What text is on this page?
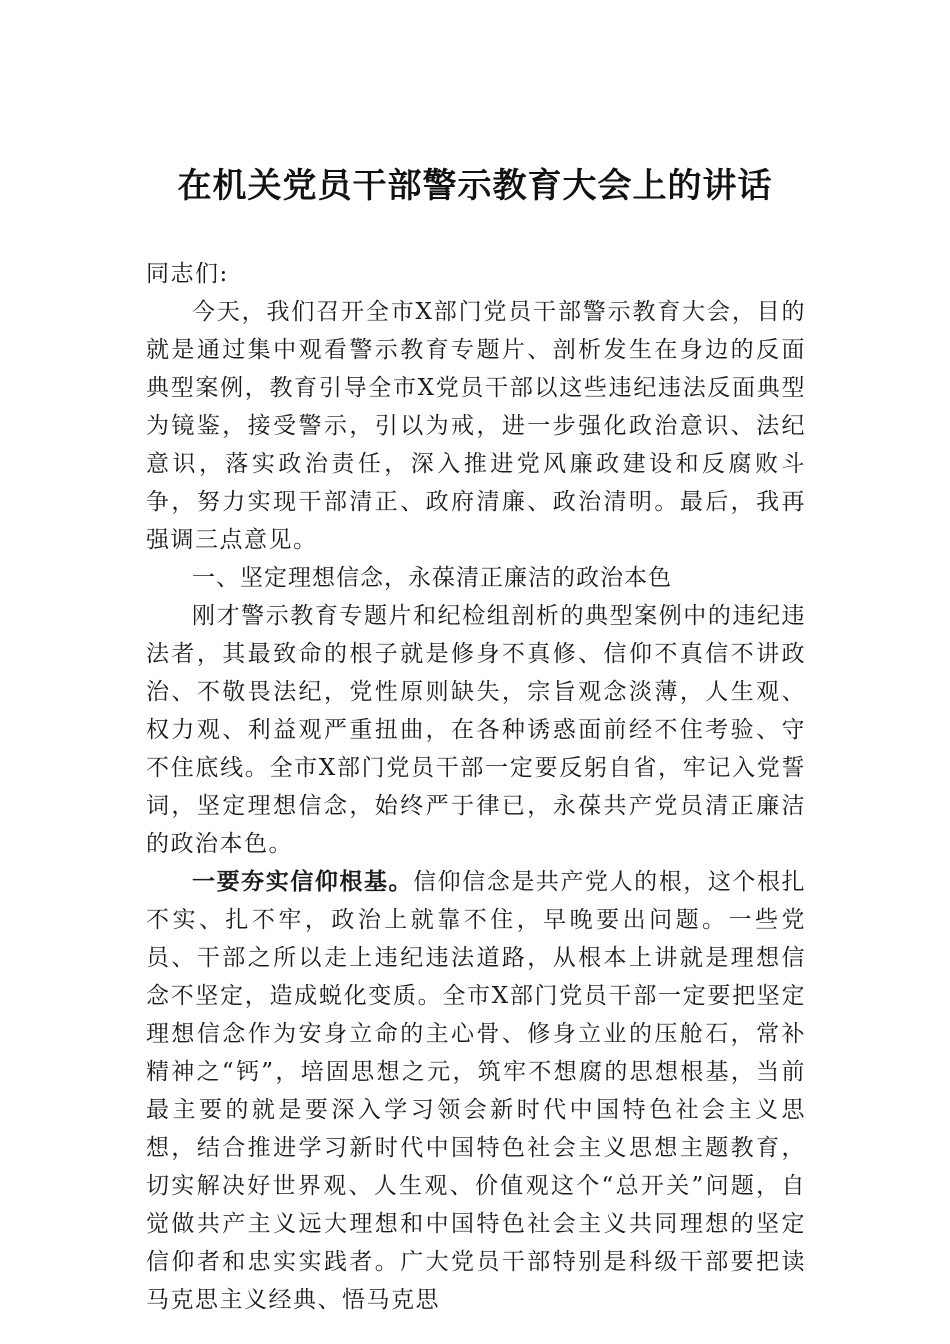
在机关党员干部警示教育大会上的讲话

同志们:

今天，我们召开全市X部门党员干部警示教育大会，目的就是通过集中观看警示教育专题片、剖析发生在身边的反面典型案例，教育引导全市X党员干部以这些违纪违法反面典型为镜鉴，接受警示，引以为戒，进一步强化政治意识、法纪意识，落实政治责任，深入推进党风廉政建设和反腐败斗争，努力实现干部清正、政府清廉、政治清明。最后，我再强调三点意见。

一、坚定理想信念，永葆清正廉洁的政治本色

刚才警示教育专题片和纪检组剖析的典型案例中的违纪违法者，其最致命的根子就是修身不真修、信仰不真信不讲政治、不敬畏法纪，党性原则缺失，宗旨观念淡薄，人生观、权力观、利益观严重扭曲，在各种诱惑面前经不住考验、守不住底线。全市X部门党员干部一定要反躬自省，牢记入党誓词，坚定理想信念，始终严于律已，永葆共产党员清正廉洁的政治本色。

一要夯实信仰根基。信仰信念是共产党人的根，这个根扎不实、扎不牢，政治上就靠不住，早晚要出问题。一些党员、干部之所以走上违纪违法道路，从根本上讲就是理想信念不坚定，造成蜕化变质。全市X部门党员干部一定要把坚定理想信念作为安身立命的主心骨、修身立业的压舱石，常补精神之“钙”，培固思想之元，筑牢不想腐的思想根基，当前最主要的就是要深入学习领会新时代中国特色社会主义思想，结合推进学习新时代中国特色社会主义思想主题教育，切实解决好世界观、人生观、价值观这个“总开关”问题，自觉做共产主义远大理想和中国特色社会主义共同理想的坚定信仰者和忠实实践者。广大党员干部特别是科级干部要把读马克思主义经典、悟马克思
